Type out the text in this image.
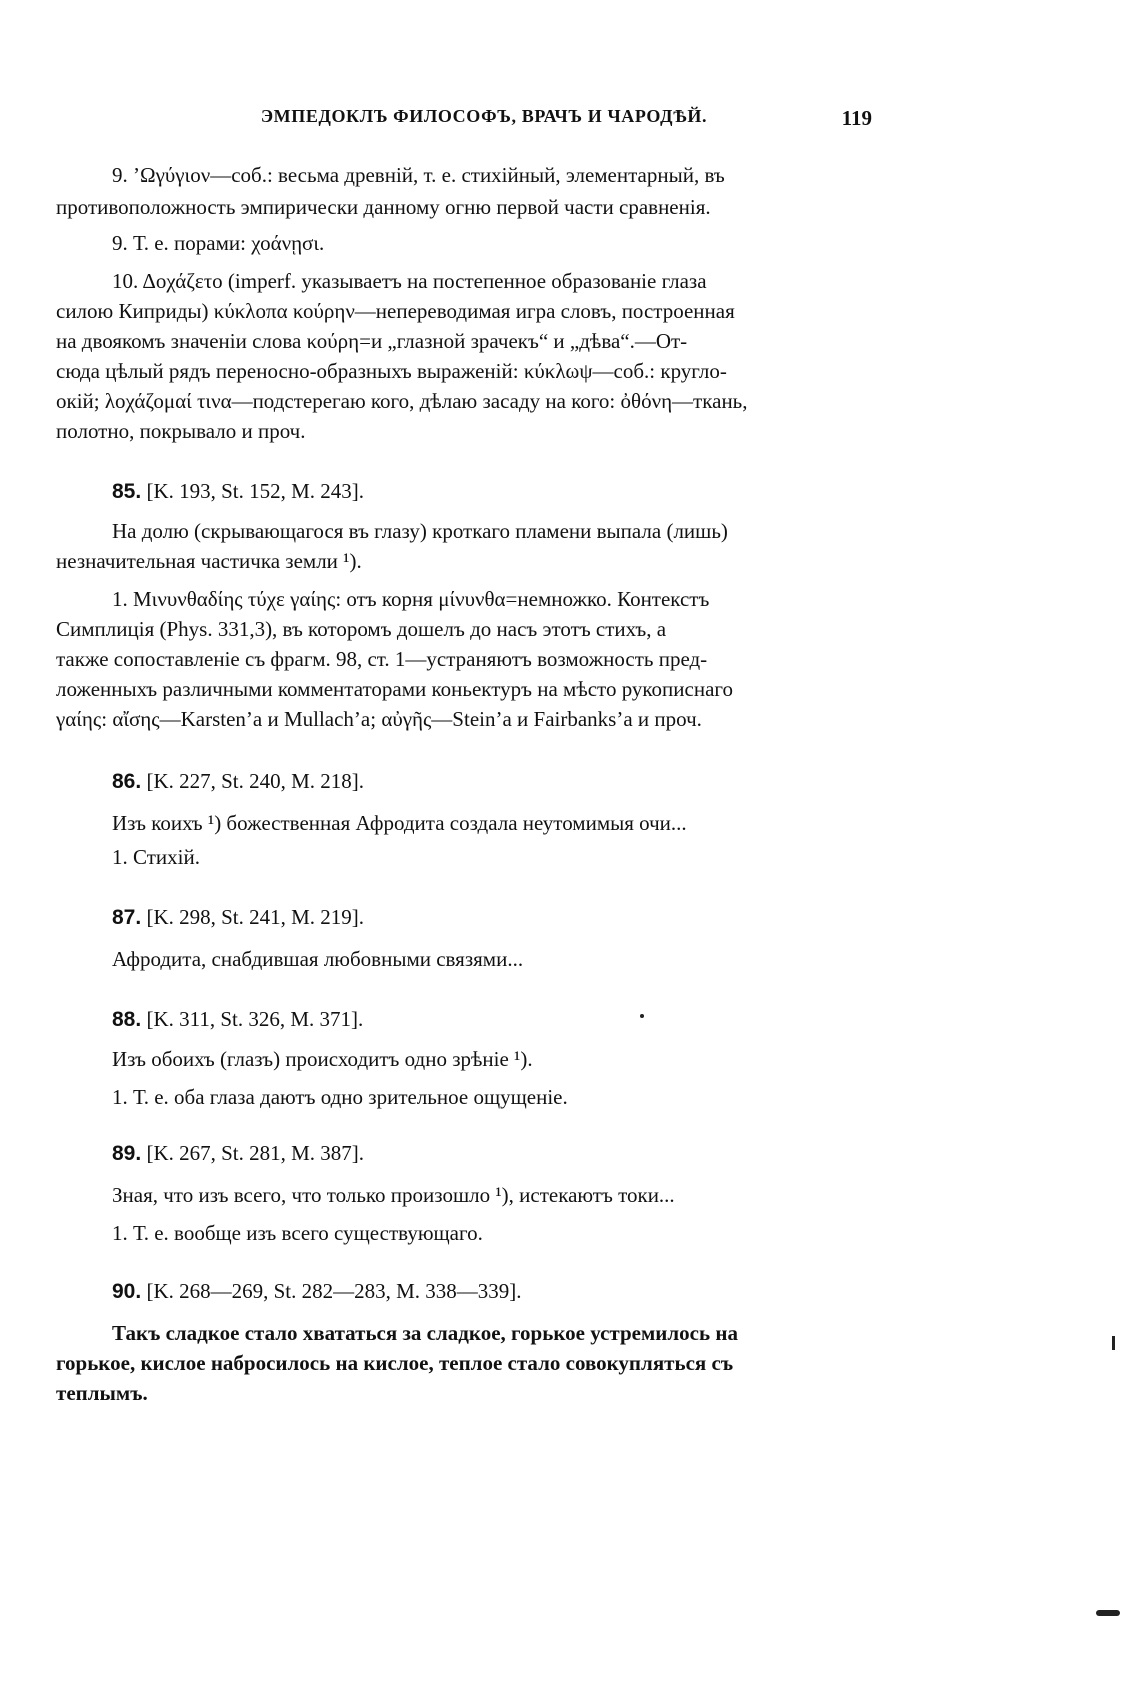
ЭМПЕДОКЛЪ ФИЛОСОФЪ, ВРАЧЪ И ЧАРОДѢЙ.	119
9. ’Ωγύγιον—соб.: весьма древній, т. е. стихійный, элементарный, въ
противоположность эмпирически данному огню первой части сравненія.
9. Т. е. порами: χοάνῃσι.
10. Δοχάζετο (imperf. указываетъ на постепенное образованіе глаза
силою Киприды) κύκλοπα κούρην—непереводимая игра словъ, построенная
на двоякомъ значеніи слова κούρη=и „глазной зрачекъ“ и „дѣва“.—От-
сюда цѣлый рядъ переносно-образныхъ выраженій: κύκλωψ—соб.: кругло-
окій; λοχάζομαί τινα—подстерегаю кого, дѣлаю засаду на кого: ὀθόνη—ткань,
полотно, покрывало и проч.
85. [K. 193, St. 152, M. 243].
На долю (скрывающагося въ глазу) кроткаго пламени выпала (лишь)
незначительная частичка земли ¹).
1. Μινυνθαδίης τύχε γαίης: отъ корня μίνυνθα=немножко. Контекстъ
Симплиція (Phys. 331,3), въ которомъ дошелъ до насъ этотъ стихъ, а
также сопоставленіе съ фрагм. 98, ст. 1—устраняютъ возможность пред-
ложенныхъ различными комментаторами коньектуръ на мѣсто рукописнаго
γαίης: αἴσης—Karsten’a и Mullach’a; αὐγῆς—Stein’a и Fairbanks’a и проч.
86. [K. 227, St. 240, M. 218].
Изъ коихъ ¹) божественная Афродита создала неутомимыя очи...
1. Стихій.
87. [K. 298, St. 241, M. 219].
Афродита, снабдившая любовными связями...
88. [K. 311, St. 326, M. 371].
Изъ обоихъ (глазъ) происходитъ одно зрѣніе ¹).
1. Т. е. оба глаза даютъ одно зрительное ощущеніе.
89. [K. 267, St. 281, M. 387].
Зная, что изъ всего, что только произошло ¹), истекаютъ токи...
1. Т. е. вообще изъ всего существующаго.
90. [K. 268—269, St. 282—283, M. 338—339].
Такъ сладкое стало хвататься за сладкое, горькое устремилось на
горькое, кислое набросилось на кислое, теплое стало совокупляться съ
теплымъ.
